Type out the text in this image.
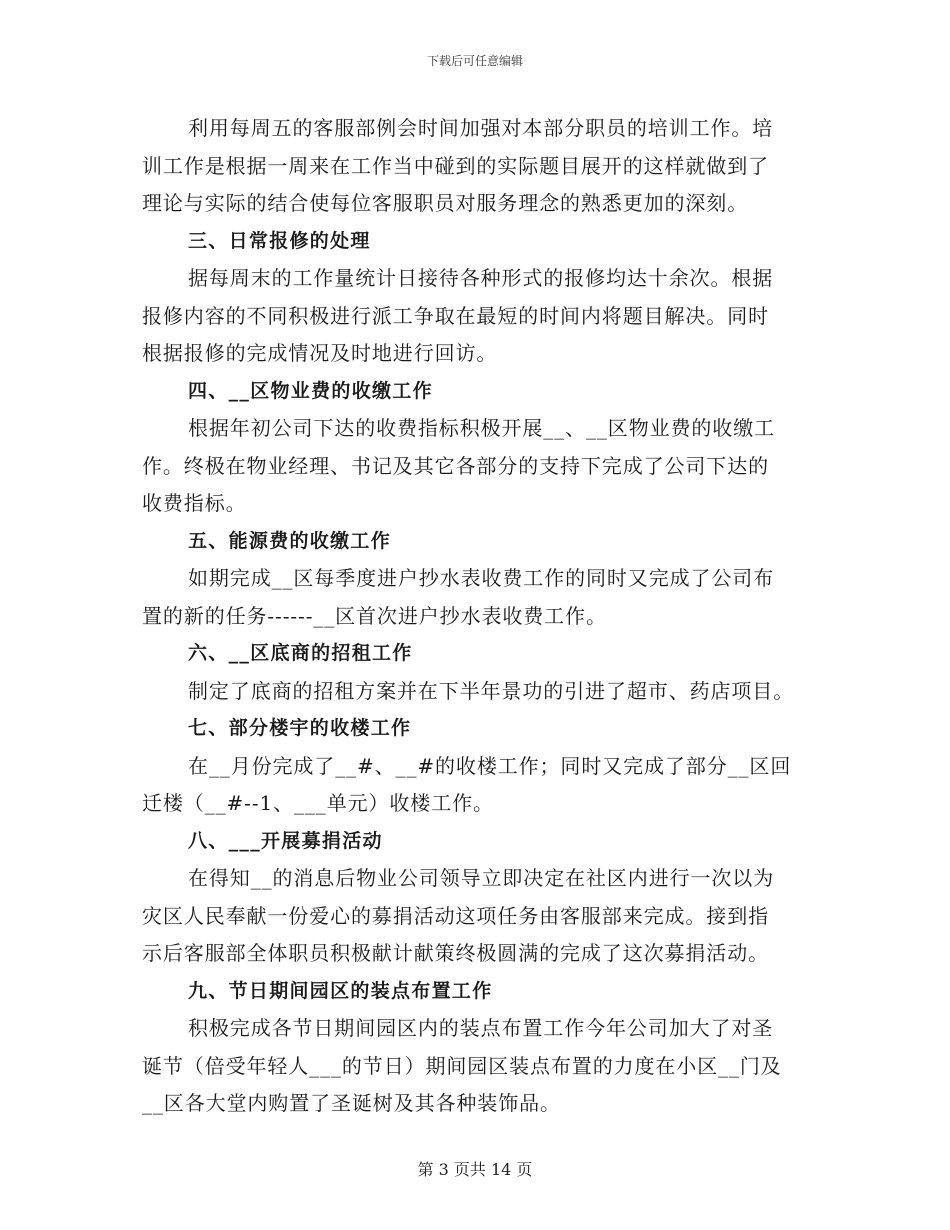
下载后可任意编辑
利用每周五的客服部例会时间加强对本部分职员的培训工作。培
训工作是根据一周来在工作当中碰到的实际题目展开的这样就做到了
理论与实际的结合使每位客服职员对服务理念的熟悉更加的深刻。
三、日常报修的处理
据每周末的工作量统计日接待各种形式的报修均达十余次。根据
报修内容的不同积极进行派工争取在最短的时间内将题目解决。同时
根据报修的完成情况及时地进行回访。
四、__区物业费的收缴工作
根据年初公司下达的收费指标积极开展__、__区物业费的收缴工
作。终极在物业经理、书记及其它各部分的支持下完成了公司下达的
收费指标。
五、能源费的收缴工作
如期完成__区每季度进户抄水表收费工作的同时又完成了公司布
置的新的任务------__区首次进户抄水表收费工作。
六、__区底商的招租工作
制定了底商的招租方案并在下半年景功的引进了超市、药店项目。
七、部分楼宇的收楼工作
在__月份完成了__#、__#的收楼工作；同时又完成了部分__区回
迁楼（__#--1、___单元）收楼工作。
八、___开展募捐活动
在得知__的消息后物业公司领导立即决定在社区内进行一次以为
灾区人民奉献一份爱心的募捐活动这项任务由客服部来完成。接到指
示后客服部全体职员积极献计献策终极圆满的完成了这次募捐活动。
九、节日期间园区的装点布置工作
积极完成各节日期间园区内的装点布置工作今年公司加大了对圣
诞节（倍受年轻人___的节日）期间园区装点布置的力度在小区__门及
__区各大堂内购置了圣诞树及其各种装饰品。
第 3 页共 14 页
